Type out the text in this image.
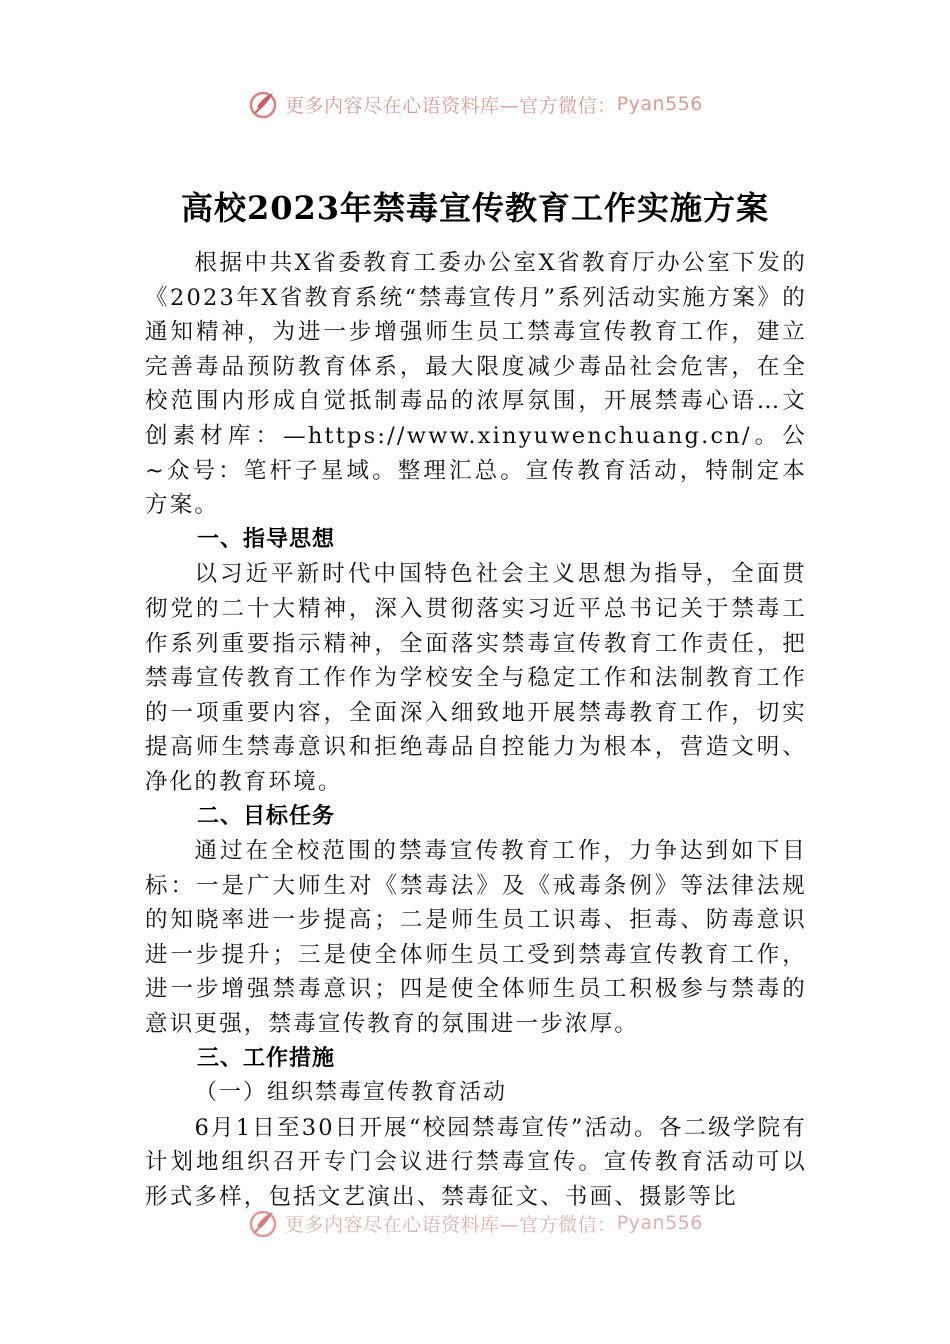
更多内容尽在心语资料库 —官方微信： Pyan556
高校2023年禁毒宣传教育工作实施方案

根据中共X省委教育工委办公室X省教育厅办公室下发的《2023年X省教育系统“禁毒宣传月”系列活动实施方案》的通知精神，为进一步增强师生员工禁毒宣传教育工作，建立完善毒品预防教育体系，最大限度减少毒品社会危害，在全校范围内形成自觉抵制毒品的浓厚氛围，开展禁毒心语…文创素材库：—https://www.xinyuwenchuang.cn/。公~众号：笔杆子星域。整理汇总。宣传教育活动，特制定本方案。

一、指导思想

以习近平新时代中国特色社会主义思想为指导，全面贯彻党的二十大精神，深入贯彻落实习近平总书记关于禁毒工作系列重要指示精神，全面落实禁毒宣传教育工作责任，把禁毒宣传教育工作作为学校安全与稳定工作和法制教育工作的一项重要内容，全面深入细致地开展禁毒教育工作，切实提高师生禁毒意识和拒绝毒品自控能力为根本，营造文明、净化的教育环境。

二、目标任务

通过在全校范围的禁毒宣传教育工作，力争达到如下目标：一是广大师生对《禁毒法》及《戒毒条例》等法律法规的知晓率进一步提高；二是师生员工识毒、拒毒、防毒意识进一步提升；三是使全体师生员工受到禁毒宣传教育工作，进一步增强禁毒意识；四是使全体师生员工积极参与禁毒的意识更强，禁毒宣传教育的氛围进一步浓厚。

三、工作措施

（一）组织禁毒宣传教育活动

6月1日至30日开展“校园禁毒宣传”活动。各二级学院有计划地组织召开专门会议进行禁毒宣传。宣传教育活动可以形式多样，包括文艺演出、禁毒征文、书画、摄影等比

更多内容尽在心语资料库 —官方微信： Pyan556
